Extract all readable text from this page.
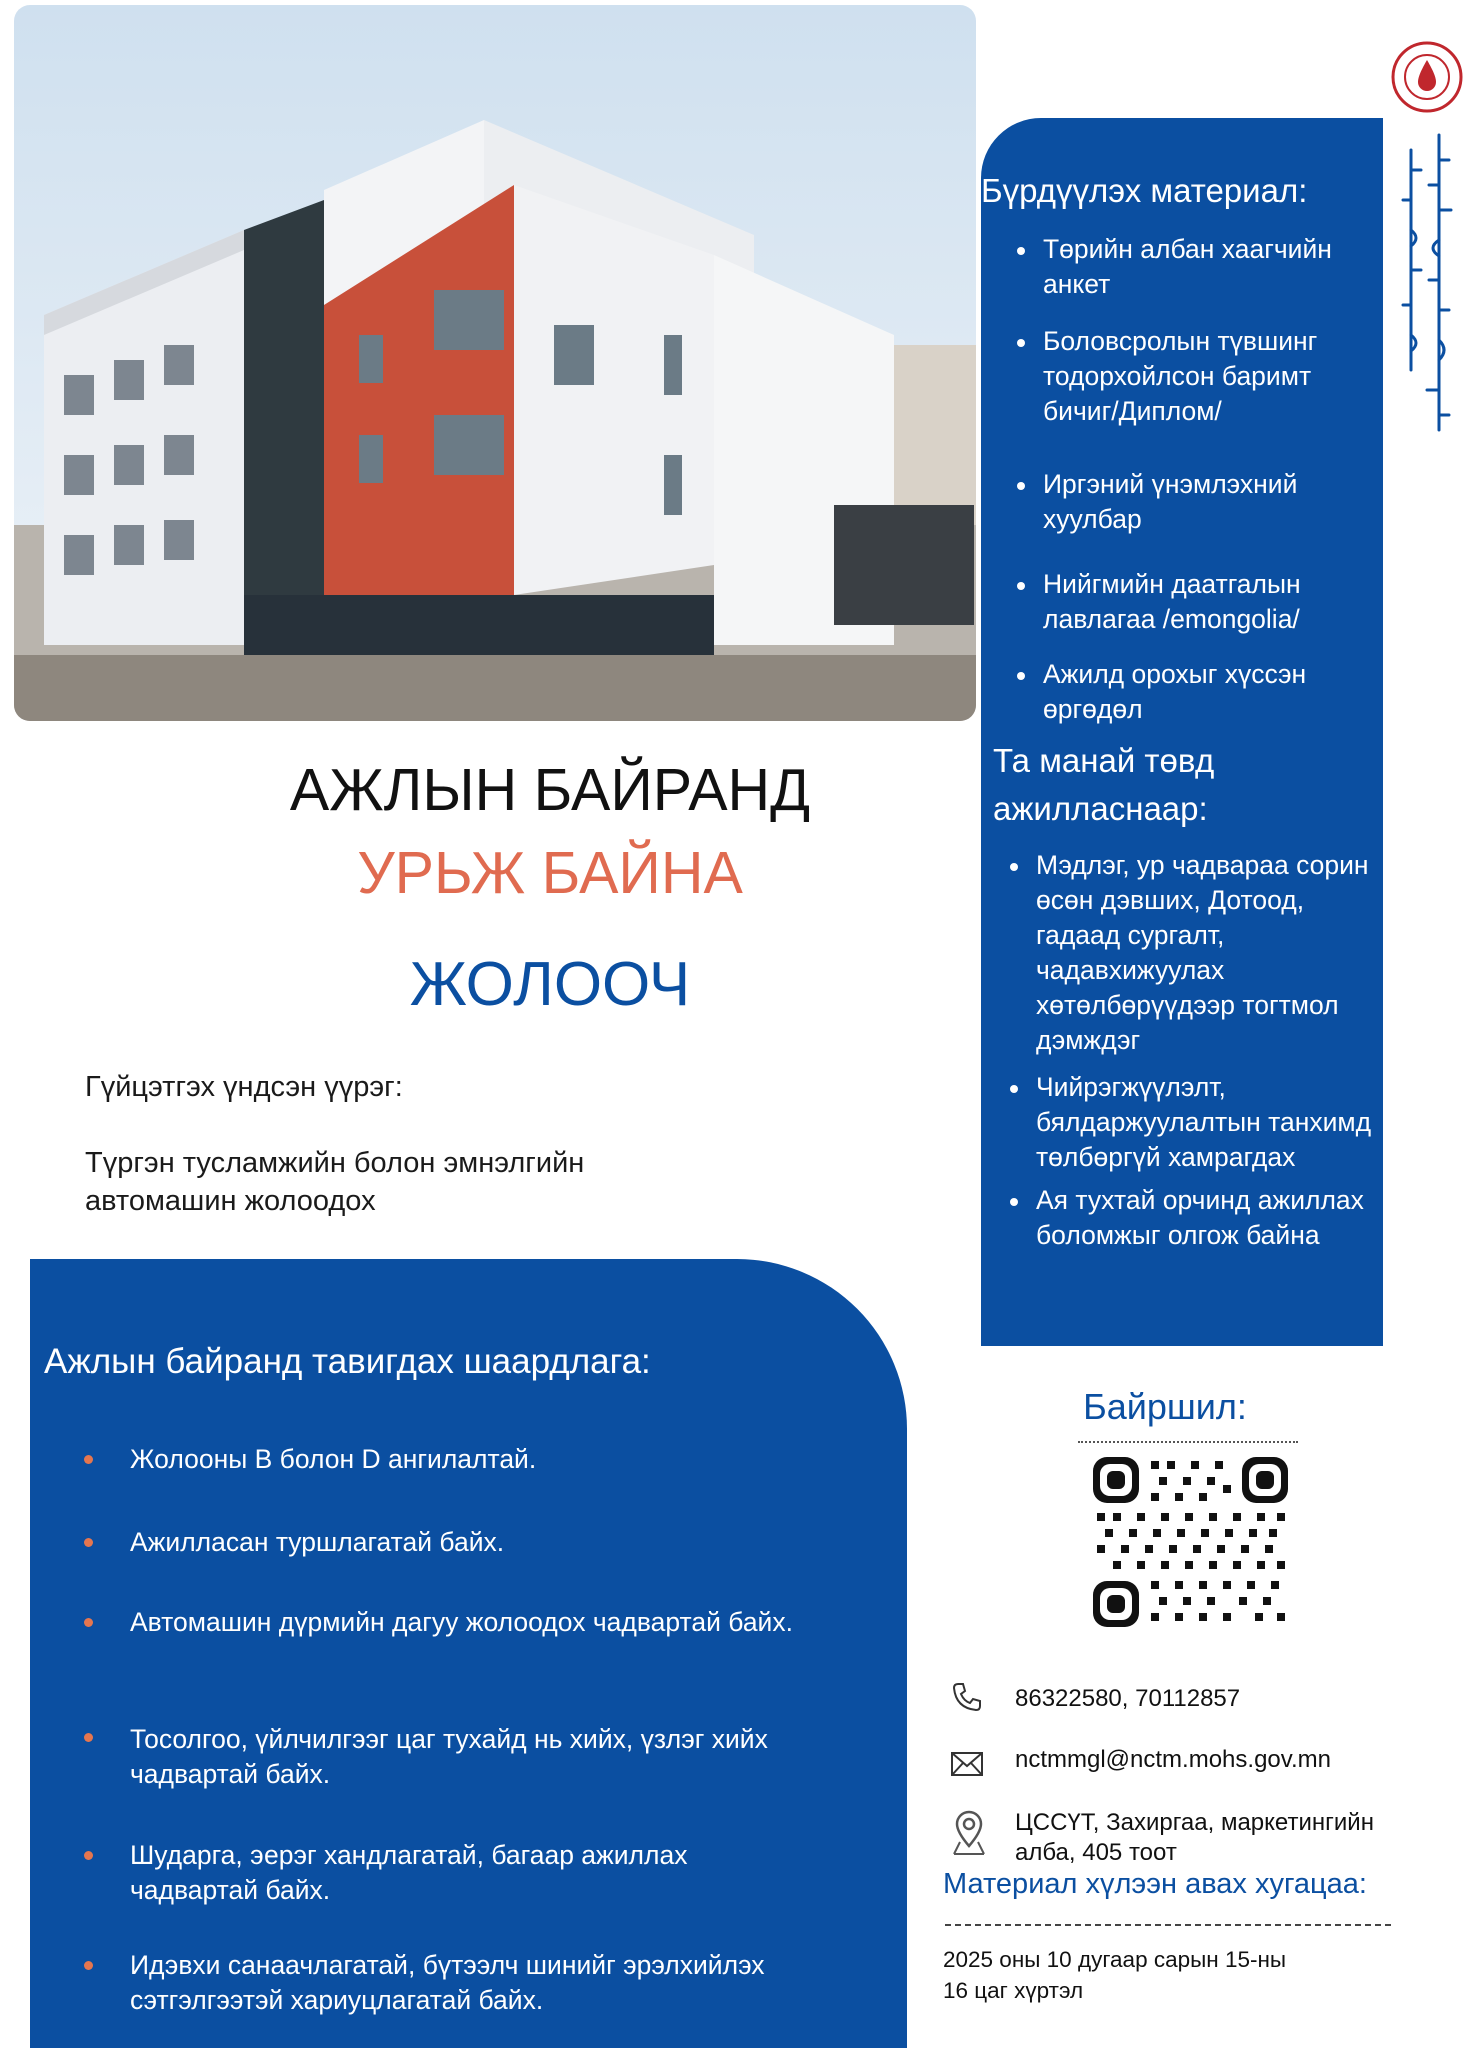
Бүрдүүлэх материал:
Төрийн албан хаагчийн анкет
Боловсролын түвшинг тодорхойлсон баримт бичиг/Диплом/
Иргэний үнэмлэхний хуулбар
Нийгмийн даатгалын лавлагаа /emongolia/
Ажилд орохыг хүссэн өргөдөл
Та манай төвд
ажилласнаар:
Мэдлэг, ур чадвараа сорин өсөн дэвших, Дотоод, гадаад сургалт, чадавхижуулах хөтөлбөрүүдээр тогтмол дэмждэг
Чийрэгжүүлэлт, бялдаржуулалтын танхимд төлбөргүй хамрагдах
Ая тухтай орчинд ажиллах боломжыг олгож байна
АЖЛЫН БАЙРАНД
УРЬЖ БАЙНА
ЖОЛООЧ
Гүйцэтгэх үндсэн үүрэг:
Түргэн тусламжийн болон эмнэлгийн
автомашин жолоодох
Ажлын байранд тавигдах шаардлага:
Жолооны B болон D ангилалтай.
Ажилласан туршлагатай байх.
Автомашин дүрмийн дагуу жолоодох чадвартай байх.
Тосолгоо, үйлчилгээг цаг тухайд нь хийх, үзлэг хийх чадвартай байх.
Шударга, эерэг хандлагатай, багаар ажиллах чадвартай байх.
Идэвхи санаачлагатай, бүтээлч шинийг эрэлхийлэх сэтгэлгээтэй хариуцлагатай байх.
Байршил:
86322580, 70112857
nctmmgl@nctm.mohs.gov.mn
ЦССҮТ, Захиргаа, маркетингийн
алба, 405 тоот
Материал хүлээн авах хугацаа:
2025 оны 10 дугаар сарын 15-ны
16 цаг хүртэл
